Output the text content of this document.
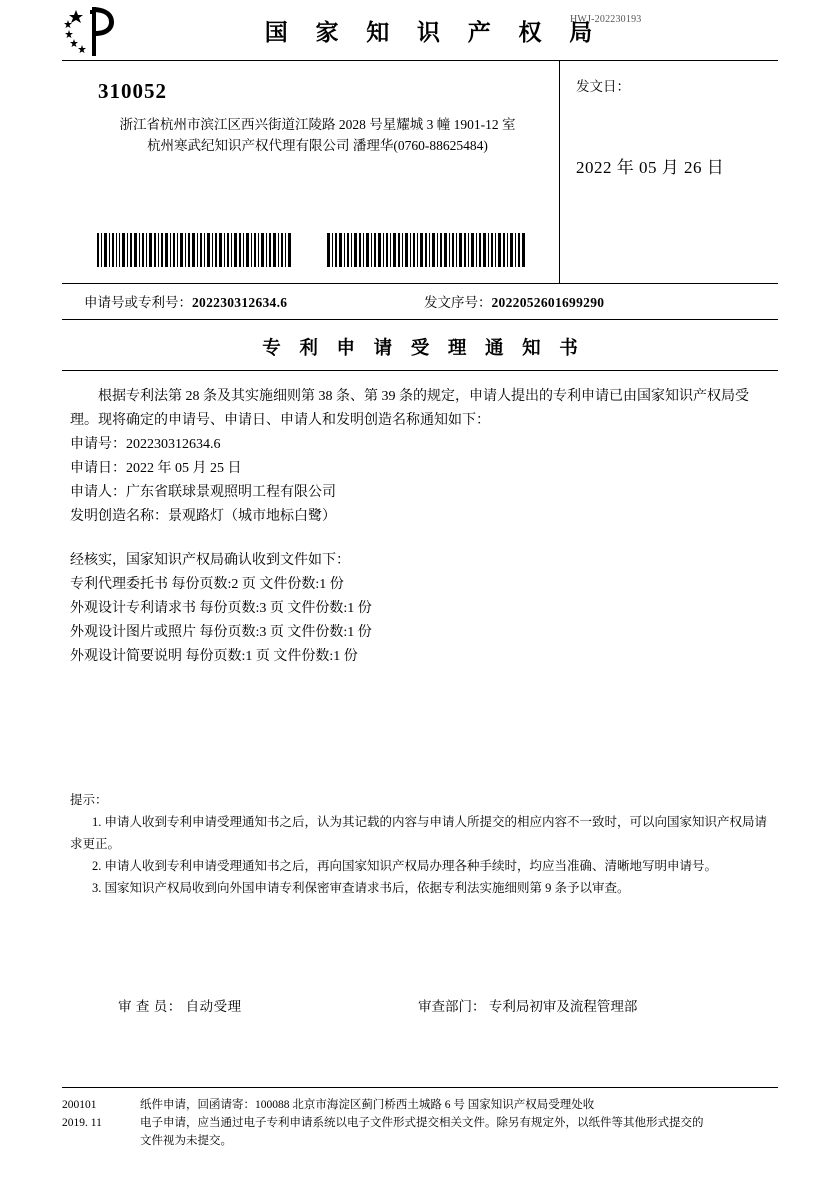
HWJ-202230193
国 家 知 识 产 权 局
310052
浙江省杭州市滨江区西兴街道江陵路 2028 号星耀城 3 幢 1901-12 室
杭州寒武纪知识产权代理有限公司 潘理华(0760-88625484)
发文日：
2022 年 05 月 26 日
申请号或专利号：202230312634.6	发文序号：2022052601699290
专 利 申 请 受 理 通 知 书
根据专利法第 28 条及其实施细则第 38 条、第 39 条的规定，申请人提出的专利申请已由国家知识产权局受理。现将确定的申请号、申请日、申请人和发明创造名称通知如下：
申请号：202230312634.6
申请日：2022 年 05 月 25 日
申请人：广东省联球景观照明工程有限公司
发明创造名称：景观路灯（城市地标白鹭）
经核实，国家知识产权局确认收到文件如下：
专利代理委托书 每份页数:2 页 文件份数:1 份
外观设计专利请求书 每份页数:3 页 文件份数:1 份
外观设计图片或照片 每份页数:3 页 文件份数:1 份
外观设计简要说明 每份页数:1 页 文件份数:1 份
提示：
1. 申请人收到专利申请受理通知书之后，认为其记载的内容与申请人所提交的相应内容不一致时，可以向国家知识产权局请求更正。
2. 申请人收到专利申请受理通知书之后，再向国家知识产权局办理各种手续时，均应当准确、清晰地写明申请号。
3. 国家知识产权局收到向外国申请专利保密审查请求书后，依据专利法实施细则第 9 条予以审查。
审 查 员： 自动受理	审查部门： 专利局初审及流程管理部
200101
2019. 11
纸件申请，回函请寄：100088 北京市海淀区蓟门桥西土城路 6 号 国家知识产权局受理处收
电子申请，应当通过电子专利申请系统以电子文件形式提交相关文件。除另有规定外，以纸件等其他形式提交的
文件视为未提交。
